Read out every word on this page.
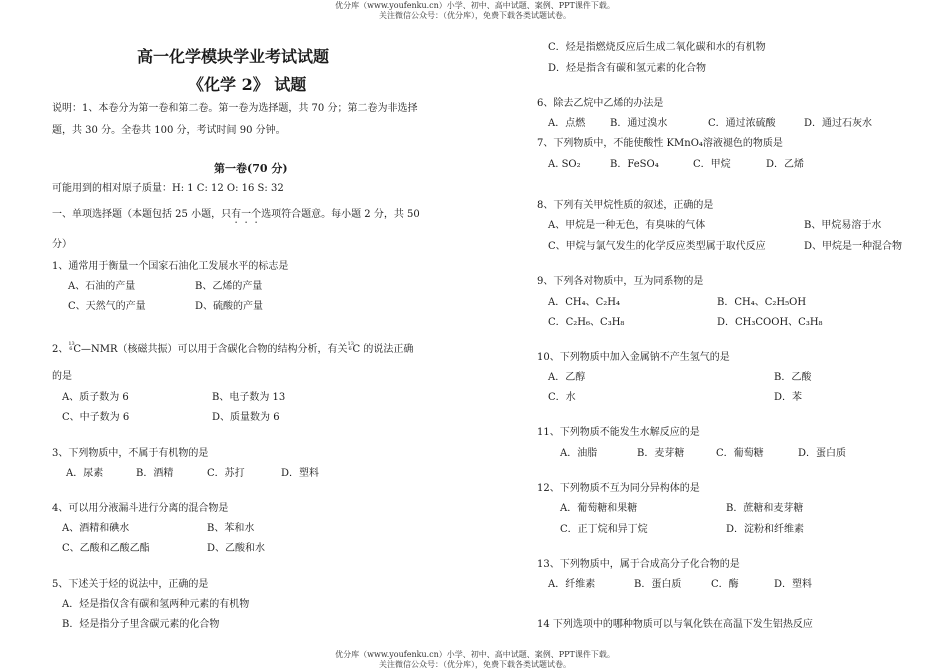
优分库（www.youfenku.cn）小学、初中、高中试题、案例、PPT课件下载。
关注微信公众号：（优分库），免费下载各类试题试卷。
优分库（www.youfenku.cn）小学、初中、高中试题、案例、PPT课件下载。
关注微信公众号：（优分库），免费下载各类试题试卷。
高一化学模块学业考试试题
《化学 2》 试题
说明：1、本卷分为第一卷和第二卷。第一卷为选择题，共 70 分；第二卷为非选择
题，共 30 分。全卷共 100 分，考试时间 90 分钟。
第一卷(70 分)
可能用到的相对原子质量：H: 1 C: 12 O: 16 S: 32
一、单项选择题（本题包括 25 小题，只有一个选项符合题意。每小题 2 分，共 50
分）
1、通常用于衡量一个国家石油化工发展水平的标志是
A、石油的产量	B、乙烯的产量
C、天然气的产量	D、硫酸的产量
2、 13
6 C—NMR（核磁共振）可以用于含碳化合物的结构分析，有关 13
6 C 的说法正确
的是
A、质子数为 6	B、电子数为 13
C、中子数为 6	D、质量数为 6
3、下列物质中，不属于有机物的是
A．尿素	B．酒精	C．苏打	D．塑料
4、可以用分液漏斗进行分离的混合物是
A、酒精和碘水	B、苯和水
C、乙酸和乙酸乙酯	D、乙酸和水
5、下述关于烃的说法中，正确的是
A．烃是指仅含有碳和氢两种元素的有机物
B．烃是指分子里含碳元素的化合物
C．烃是指燃烧反应后生成二氧化碳和水的有机物
D．烃是指含有碳和氢元素的化合物
6、除去乙烷中乙烯的办法是
A．点燃 B．通过溴水	C．通过浓硫酸	D．通过石灰水
7、下列物质中，不能使酸性 KMnO₄溶液褪色的物质是
A. SO₂	B．FeSO₄	C．甲烷	D．乙烯
8、下列有关甲烷性质的叙述，正确的是
A、甲烷是一种无色，有臭味的气体	B、甲烷易溶于水
C、甲烷与氯气发生的化学反应类型属于取代反应	D、甲烷是一种混合物
9、下列各对物质中，互为同系物的是
A．CH₄、C₂H₄	B．CH₄、C₂H₅OH
C．C₂H₆、C₃H₈	D．CH₃COOH、C₃H₈
10、下列物质中加入金属钠不产生氢气的是
A．乙醇	B．乙酸
C．水	D．苯
11、下列物质不能发生水解反应的是
A．油脂	B．麦芽糖	C．葡萄糖	D．蛋白质
12、下列物质不互为同分异构体的是
A．葡萄糖和果糖	B．蔗糖和麦芽糖
C．正丁烷和异丁烷	D．淀粉和纤维素
13、下列物质中，属于合成高分子化合物的是
A．纤维素	B．蛋白质	C．酶	D．塑料
14 下列选项中的哪种物质可以与氧化铁在高温下发生铝热反应
